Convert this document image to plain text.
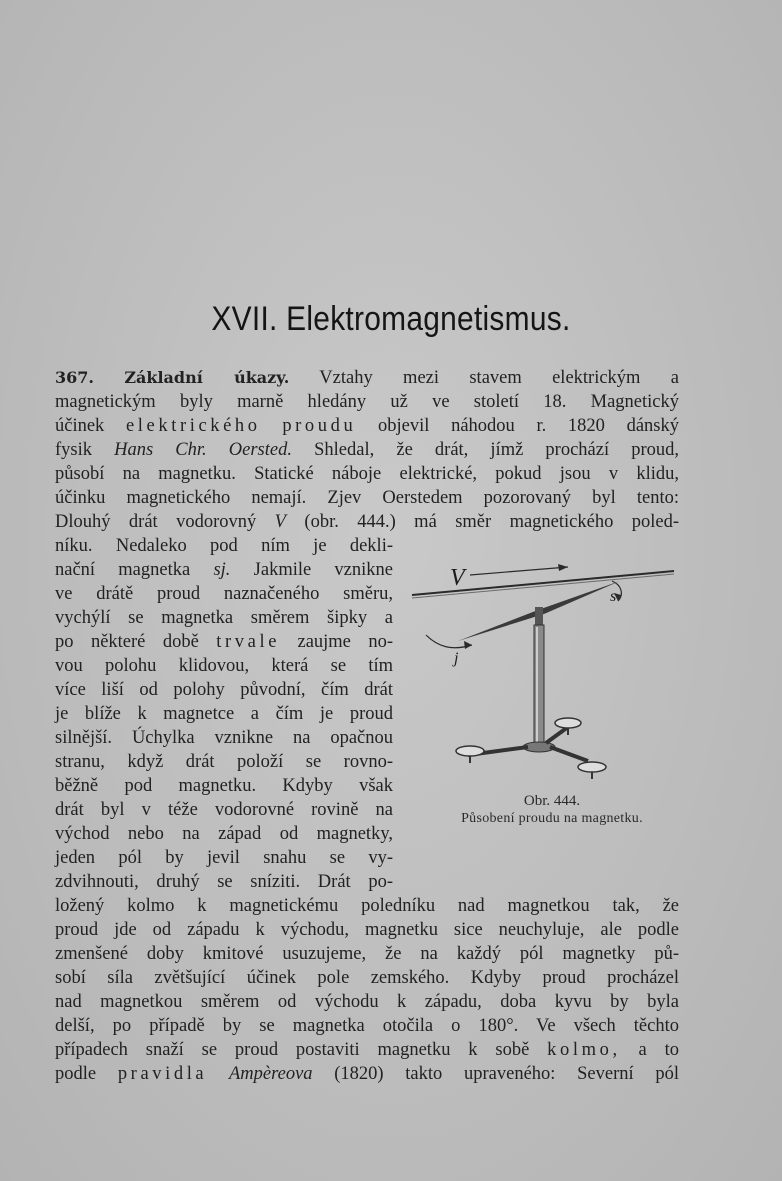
XVII. Elektromagnetismus.
367. Základní úkazy. Vztahy mezi stavem elektrickým a
magnetickým byly marně hledány už ve století 18. Magnetický
účinek elektrického proudu objevil náhodou r. 1820 dánský
fysik Hans Chr. Oersted. Shledal, že drát, jímž prochází proud,
působí na magnetku. Statické náboje elektrické, pokud jsou v klidu,
účinku magnetického nemají. Zjev Oerstedem pozorovaný byl tento:
Dlouhý drát vodorovný V (obr. 444.) má směr magnetického poled-
níku. Nedaleko pod ním je dekli-
nační magnetka sj. Jakmile vznikne
ve drátě proud naznačeného směru,
vychýlí se magnetka směrem šipky a
po některé době trvale zaujme no-
vou polohu klidovou, která se tím
více liší od polohy původní, čím drát
je blíže k magnetce a čím je proud
silnější. Úchylka vznikne na opačnou
stranu, když drát položí se rovno-
běžně pod magnetku. Kdyby však
drát byl v téže vodorovné rovině na
východ nebo na západ od magnetky,
jeden pól by jevil snahu se vy-
zdvihnouti, druhý se sníziti. Drát po-
ložený kolmo k magnetickému poledníku nad magnetkou tak, že
proud jde od západu k východu, magnetku sice neuchyluje, ale podle
zmenšené doby kmitové usuzujeme, že na každý pól magnetky pů-
sobí síla zvětšující účinek pole zemského. Kdyby proud procházel
nad magnetkou směrem od východu k západu, doba kyvu by byla
delší, po případě by se magnetka otočila o 180°. Ve všech těchto
případech snaží se proud postaviti magnetku k sobě kolmo, a to
podle pravidla Ampèreova (1820) takto upraveného: Severní pól
V
s
j
Obr. 444.
Působení proudu na magnetku.
